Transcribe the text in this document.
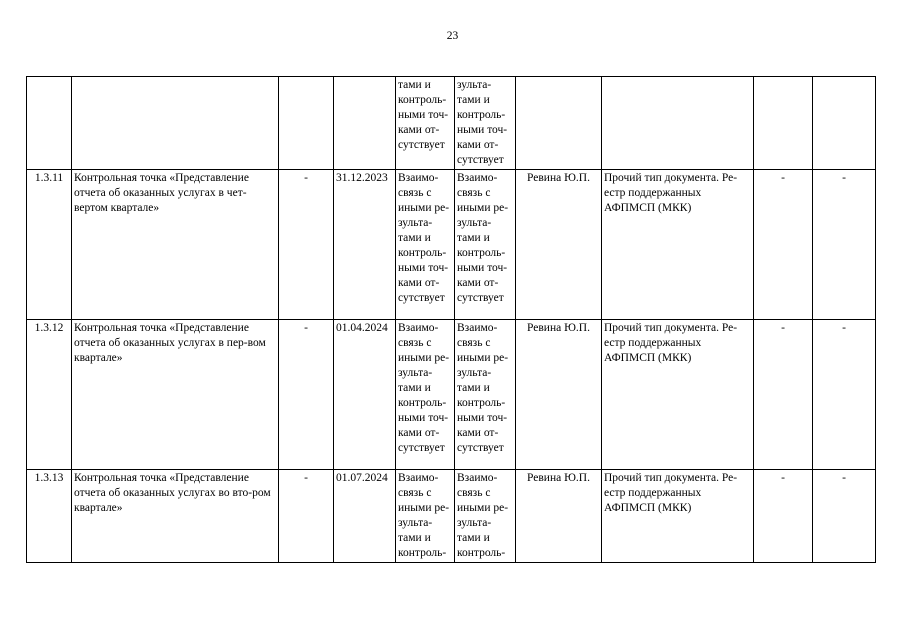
23
				тами и контроль- ными точ- ками от- сутствует	зульта- тами и контроль- ными точ- ками от- сутствует				
1.3.11	Контрольная точка «Представление отчета об оказанных услугах в чет-вертом квартале»	-	31.12.2023	Взаимо- связь с иными ре- зульта- тами и контроль- ными точ- ками от- сутствует	Взаимо- связь с иными ре- зульта- тами и контроль- ными точ- ками от- сутствует	Ревина Ю.П.	Прочий тип документа. Ре-естр поддержанных АФПМСП (МКК)	-	-
1.3.12	Контрольная точка «Представление отчета об оказанных услугах в пер-вом квартале»	-	01.04.2024	Взаимо- связь с иными ре- зульта- тами и контроль- ными точ- ками от- сутствует	Взаимо- связь с иными ре- зульта- тами и контроль- ными точ- ками от- сутствует	Ревина Ю.П.	Прочий тип документа. Ре-естр поддержанных АФПМСП (МКК)	-	-
1.3.13	Контрольная точка «Представление отчета об оказанных услугах во вто-ром квартале»	-	01.07.2024	Взаимо- связь с иными ре- зульта- тами и контроль-	Взаимо- связь с иными ре- зульта- тами и контроль-	Ревина Ю.П.	Прочий тип документа. Ре-естр поддержанных АФПМСП (МКК)	-	-
